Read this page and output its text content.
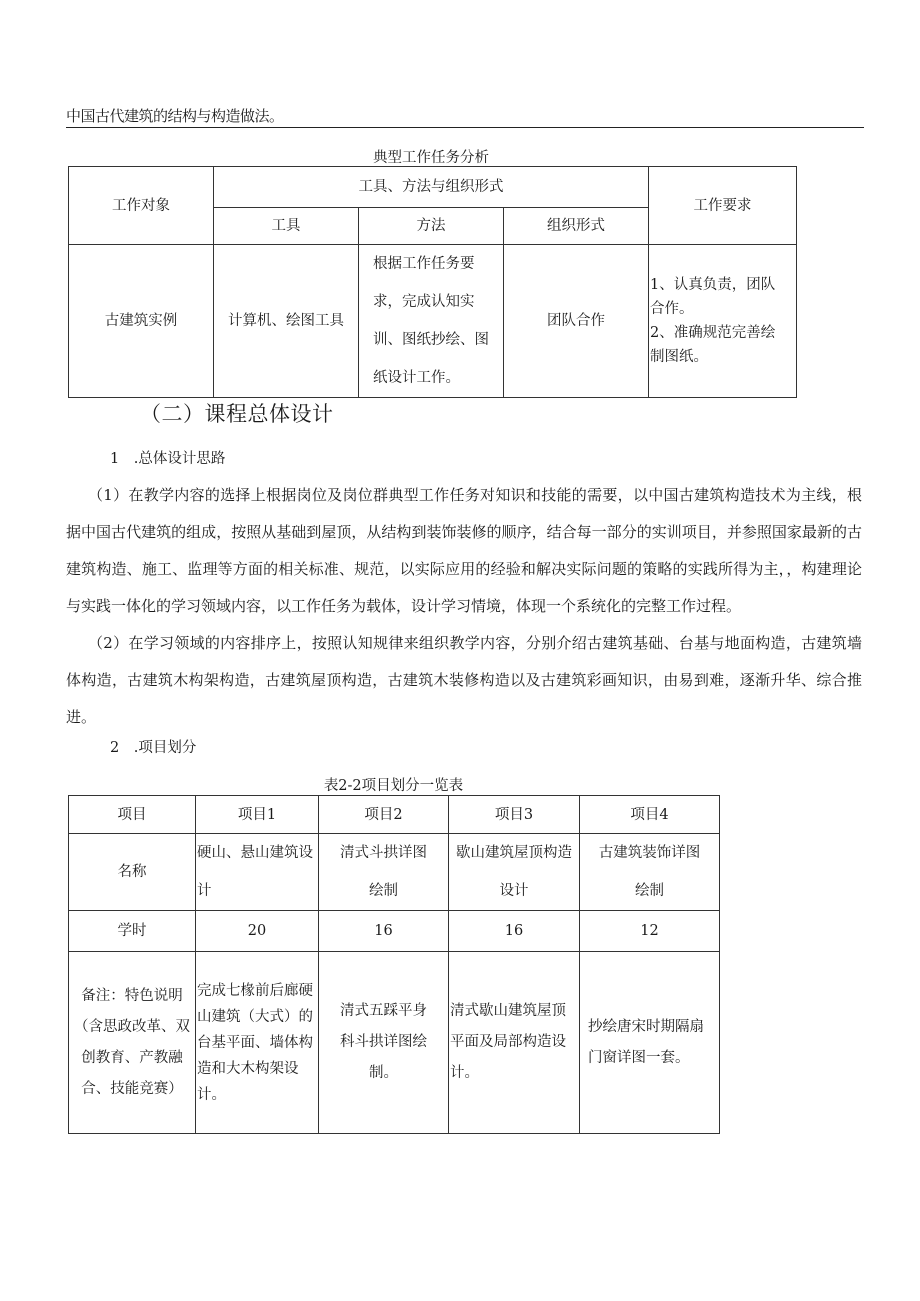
中国古代建筑的结构与构造做法。
典型工作任务分析
工作对象	工具、方法与组织形式			工作要求
	工具	方法	组织形式	
古建筑实例	计算机、绘图工具	根据工作任务要求，完成认知实训、图纸抄绘、图纸设计工作。	团队合作	1、认真负责，团队合作。
2、准确规范完善绘制图纸。
（二）课程总体设计
1　.总体设计思路
（1）在教学内容的选择上根据岗位及岗位群典型工作任务对知识和技能的需要，以中国古建筑构造技术为主线，根据中国古代建筑的组成，按照从基础到屋顶，从结构到装饰装修的顺序，结合每一部分的实训项目，并参照国家最新的古建筑构造、施工、监理等方面的相关标准、规范，以实际应用的经验和解决实际问题的策略的实践所得为主，，构建理论与实践一体化的学习领域内容，以工作任务为载体，设计学习情境，体现一个系统化的完整工作过程。
（2）在学习领域的内容排序上，按照认知规律来组织教学内容，分别介绍古建筑基础、台基与地面构造，古建筑墙体构造，古建筑木构架构造，古建筑屋顶构造，古建筑木装修构造以及古建筑彩画知识，由易到难，逐渐升华、综合推进。
2　.项目划分
表2-2项目划分一览表
项目	项目1	项目2	项目3	项目4
名称	硬山、悬山建筑设计	清式斗拱详图绘制	歇山建筑屋顶构造设计	古建筑装饰详图绘制
学时	20	16	16	12
备注：特色说明（含思政改革、双创教育、产教融合、技能竞赛）	完成七椽前后廊硬山建筑（大式）的台基平面、墙体构造和大木构架设计。	清式五踩平身科斗拱详图绘制。	清式歇山建筑屋顶平面及局部构造设计。	抄绘唐宋时期隔扇门窗详图一套。
